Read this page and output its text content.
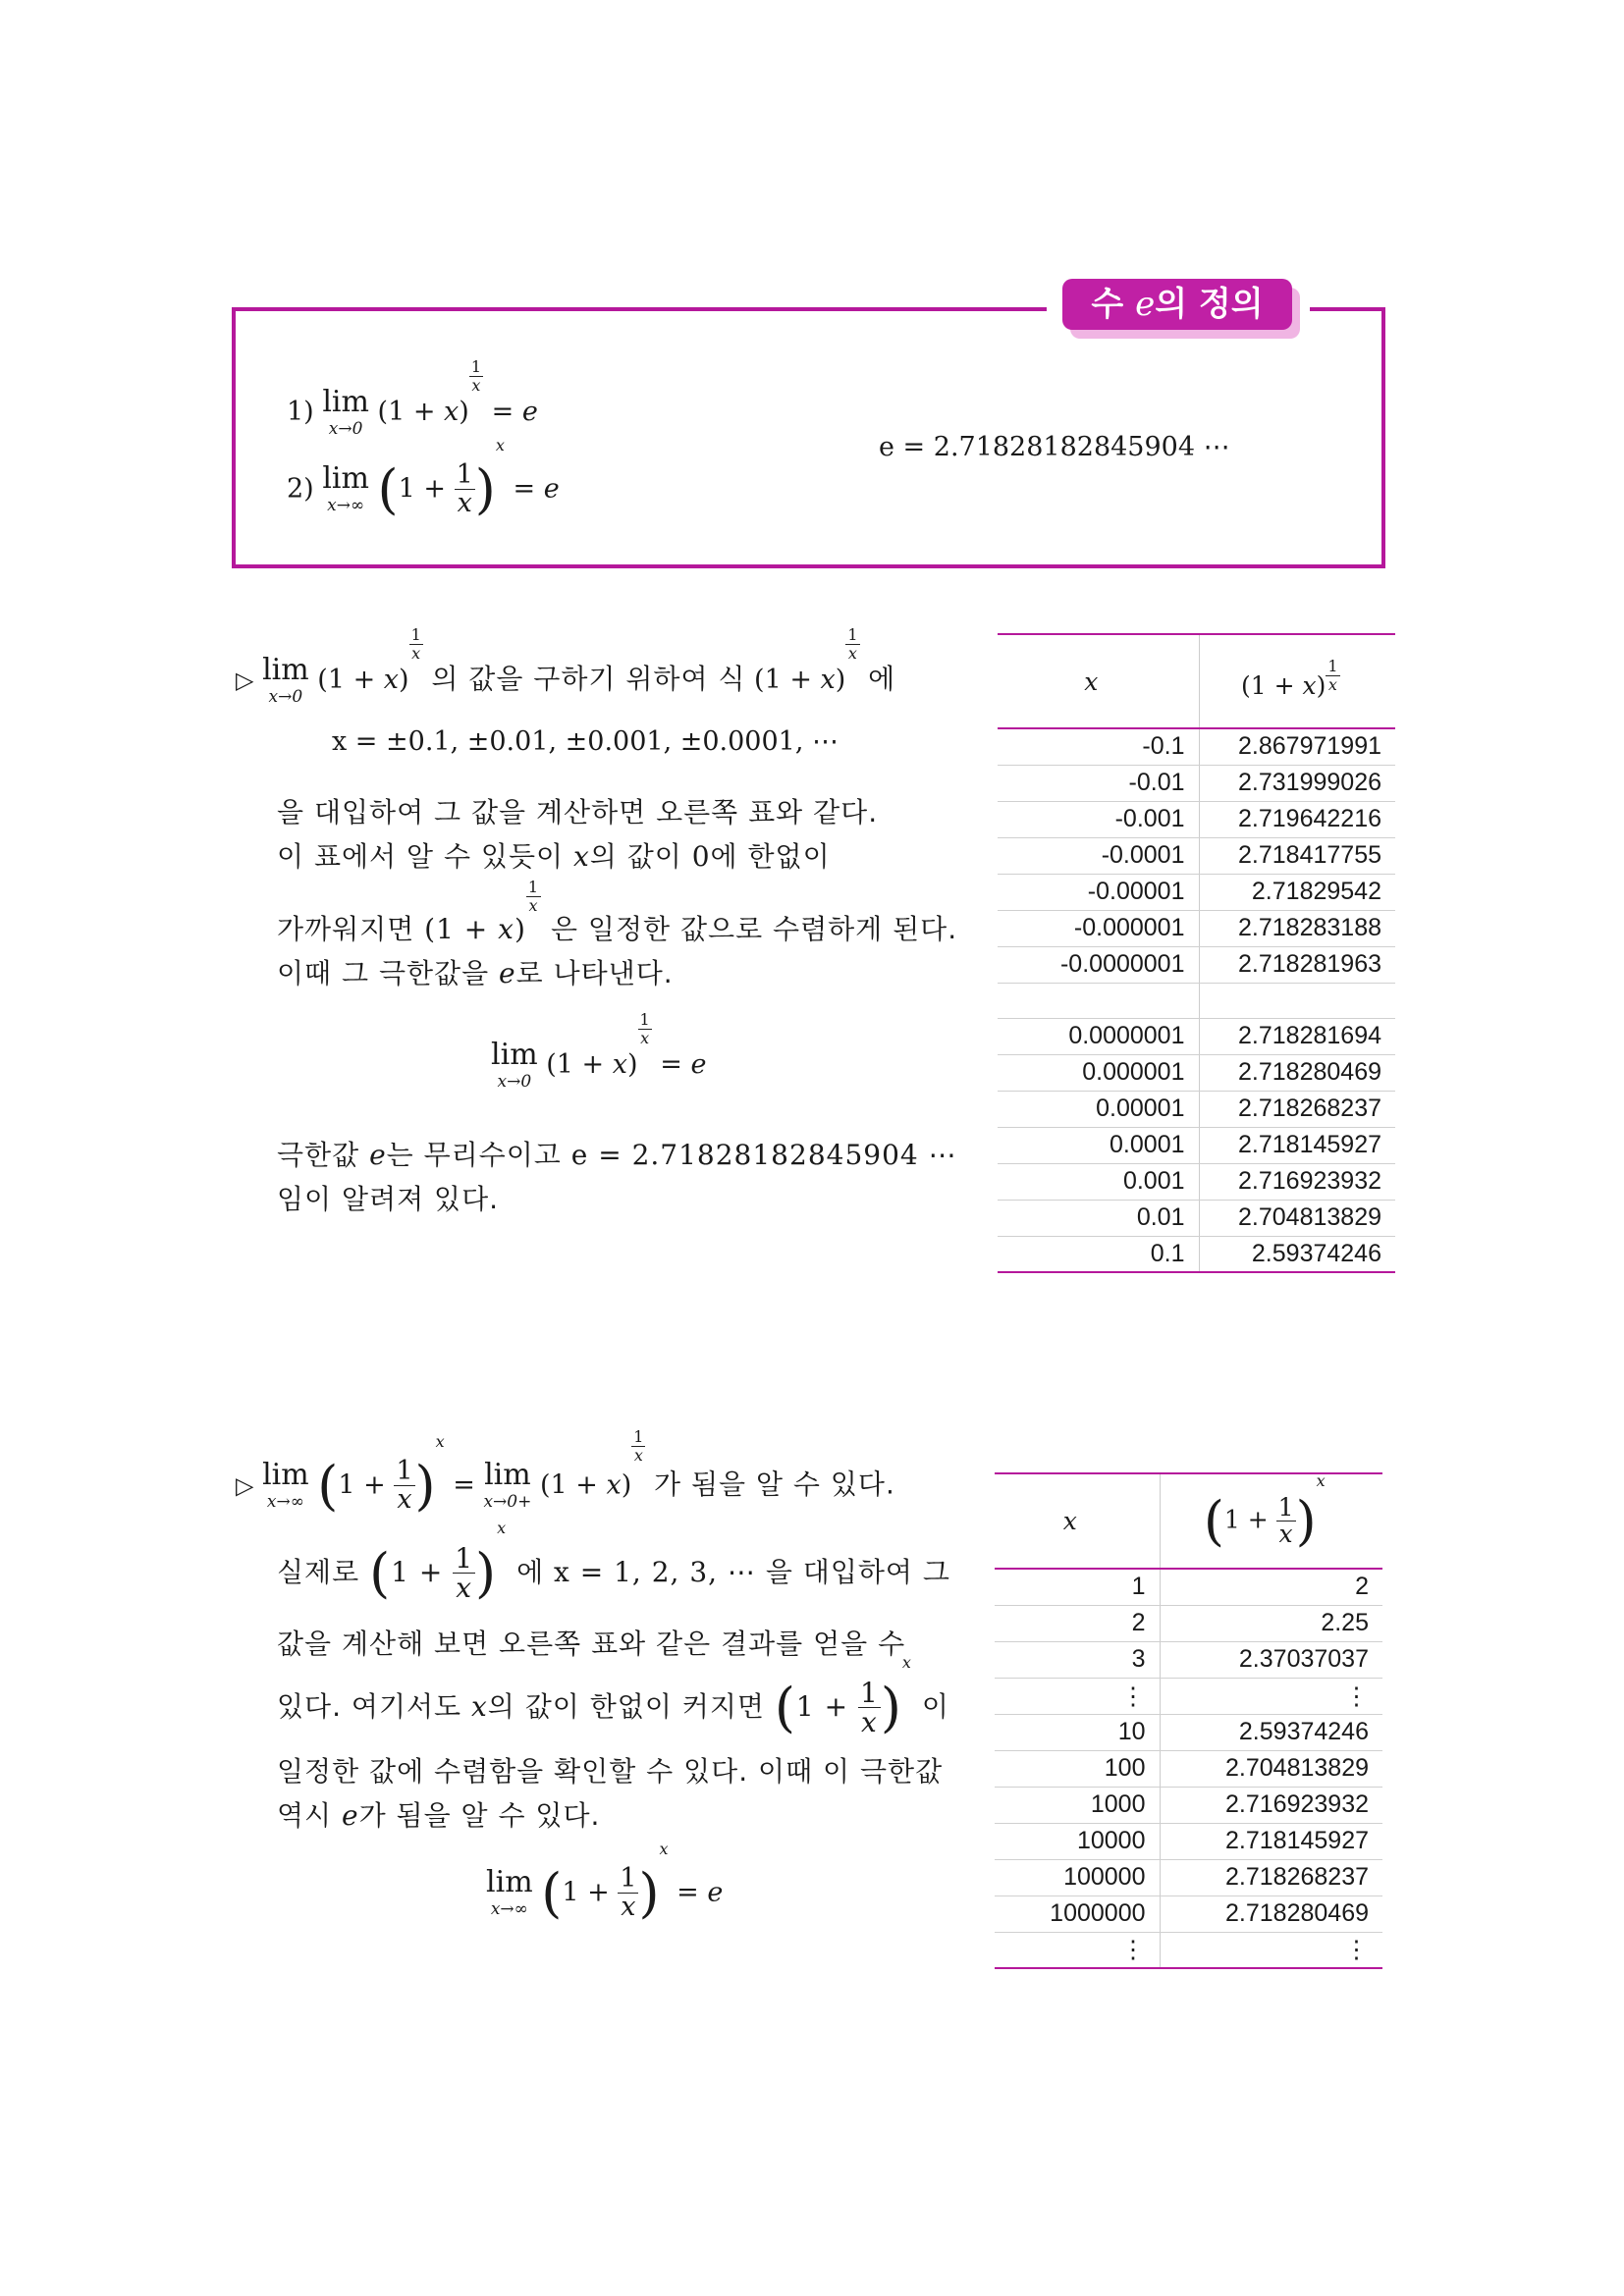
수 e의 정의
1) lim
x→0
(1 + x)
$\frac{1}{x}$
= e
2) lim
x→∞ $(1 + \frac{1}{x} )x = e$
e = 2.71828182845904 ⋯
▷ lim
x→0
(1 + x)
$\frac{1}{x}$
의 값을 구하기 위하여 식 (1 + x)
$\frac{1}{x}$
에
x = ±0.1, ±0.01, ±0.001, ±0.0001, ⋯
을 대입하여 그 값을 계산하면 오른쪽 표와 같다.
이 표에서 알 수 있듯이 x의 값이 0에 한없이
가까워지면 (1 + x)
$\frac{1}{x}$
은 일정한 값으로 수렴하게 된다.
이때 그 극한값을 e로 나타낸다.
lim
x→0
(1 + x)
$\frac{1}{x}$
= e
극한값 e는 무리수이고 e = 2.71828182845904 ⋯
임이 알려져 있다.
x	$(1 + x) \frac{1}{x}$

-0.1	2.867971991
-0.01	2.731999026
-0.001	2.719642216
-0.0001	2.718417755
-0.00001	2.71829542
-0.000001	2.718283188
-0.0000001	2.718281963

0.0000001	2.718281694
0.000001	2.718280469
0.00001	2.718268237
0.0001	2.718145927
0.001	2.716923932
0.01	2.704813829
0.1	2.59374246
▷ lim
x→∞ $(1 + \frac{1}{x} )x = \lim$
x→0+
(1 + x)
$\frac{1}{x}$
가 됨을 알 수 있다.
실제로 $(1 + \frac{1}{x} )x$ 에 x = 1, 2, 3, ⋯ 을 대입하여 그
값을 계산해 보면 오른쪽 표와 같은 결과를 얻을 수
있다. 여기서도 x의 값이 한없이 커지면 $(1 + \frac{1}{x} )x$ 이
일정한 값에 수렴함을 확인할 수 있다. 이때 이 극한값
역시 e가 됨을 알 수 있다.
lim
x→∞ $(1 + \frac{1}{x} )x = e$
x	$(1 + \frac{1}{x} )x$
1	2
2	2.25
3	2.37037037
⋮	⋮
10	2.59374246
100	2.704813829
1000	2.716923932
10000	2.718145927
100000	2.718268237
1000000	2.718280469
⋮	⋮
